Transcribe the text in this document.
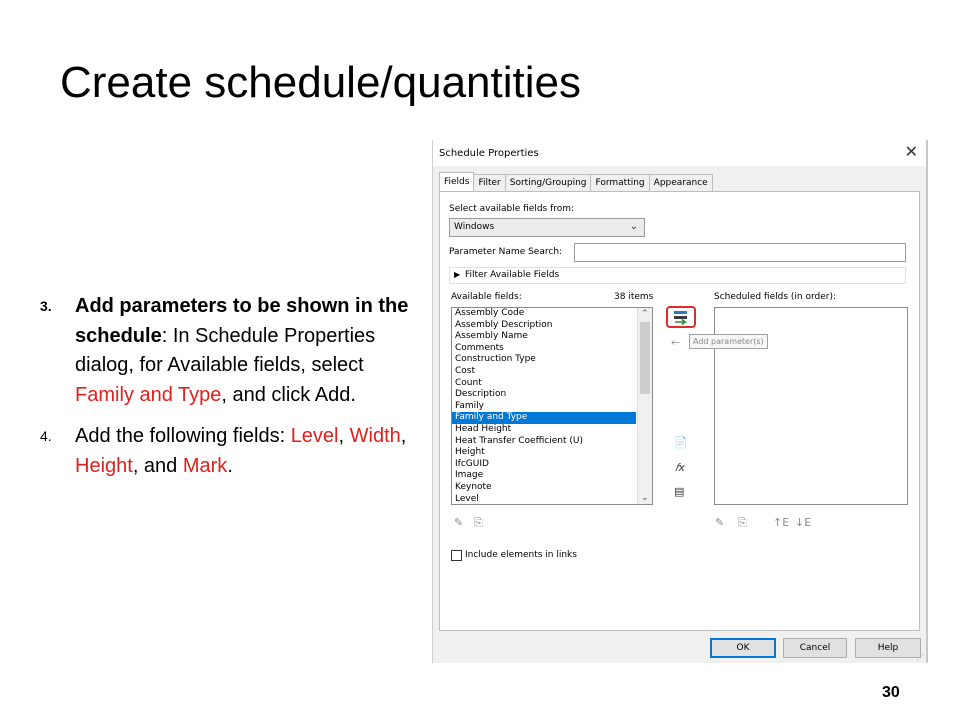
Create schedule/quantities
3.	Add parameters to be shown in the schedule: In Schedule Properties dialog, for Available fields, select Family and Type, and click Add.
4.	Add the following fields: Level, Width, Height, and Mark.
30
Schedule Properties	✕
Fields	Filter	Sorting/Grouping	Formatting	Appearance
Select available fields from:
Windows	⌄
Parameter Name Search:
▶ Filter Available Fields
Available fields:	38 items	Scheduled fields (in order):
Assembly Code
Assembly Description
Assembly Name
Comments
Construction Type
Cost
Count
Description
Family
Family and Type
Head Height
Heat Transfer Coefficient (U)
Height
IfcGUID
Image
Keynote
Level
⌃
⌄
←	Add parameter(s)
📄
𝑓x
▤
✎ ⎘	✎ ⎘ ↑E ↓E
Include elements in links
OK	Cancel	Help
⋰
